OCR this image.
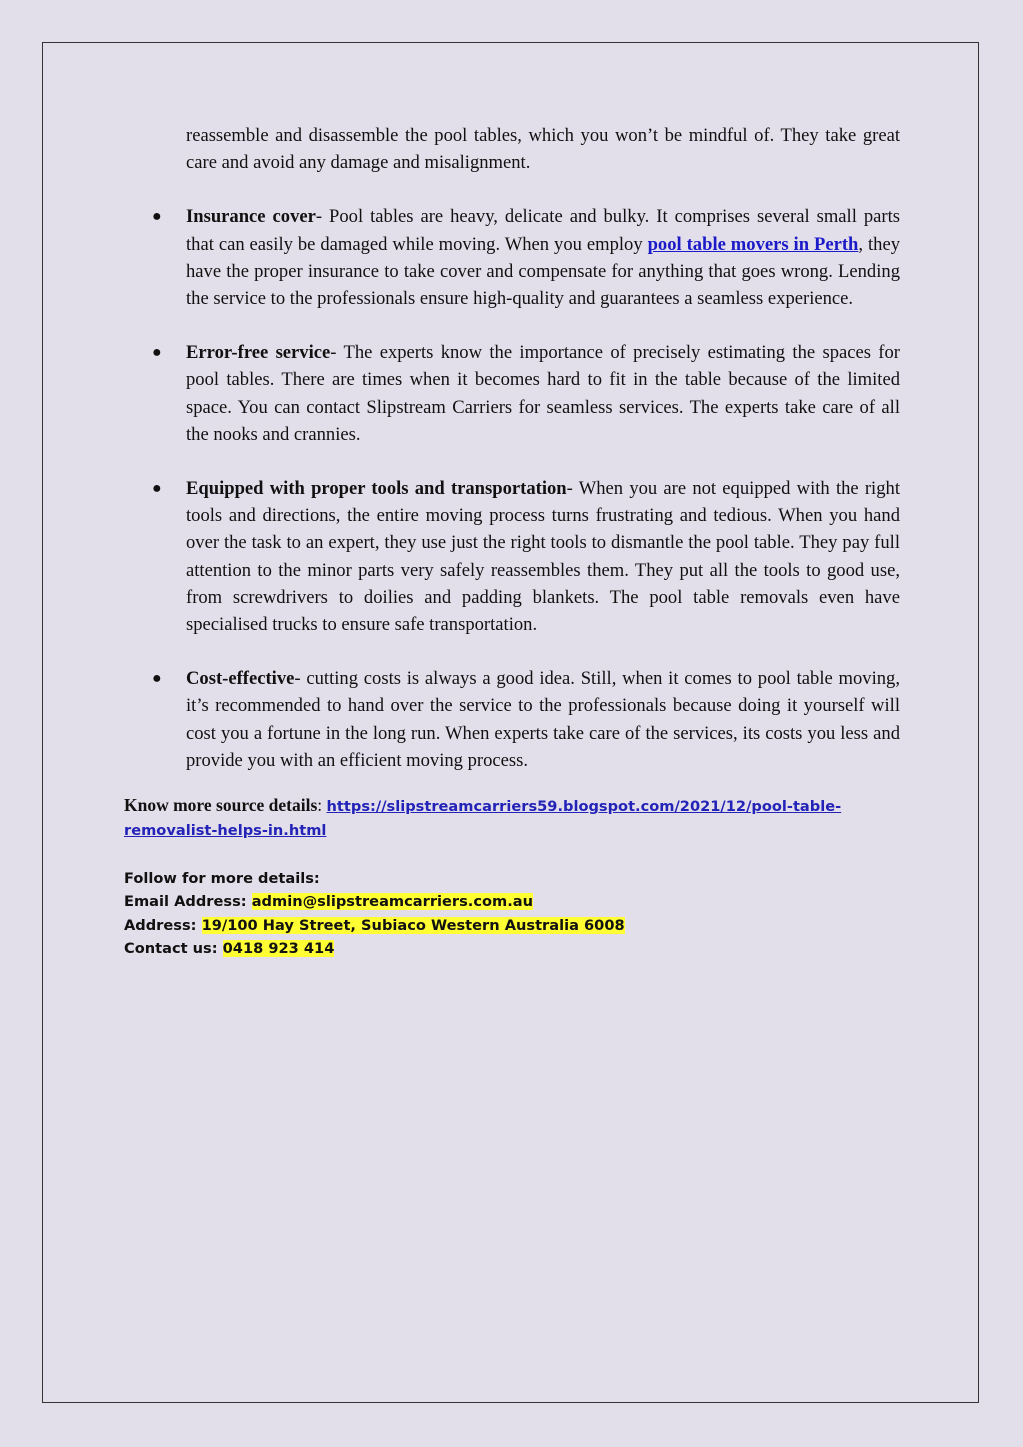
reassemble and disassemble the pool tables, which you won’t be mindful of. They take great care and avoid any damage and misalignment.

● Insurance cover- Pool tables are heavy, delicate and bulky. It comprises several small parts that can easily be damaged while moving. When you employ pool table movers in Perth, they have the proper insurance to take cover and compensate for anything that goes wrong. Lending the service to the professionals ensure high-quality and guarantees a seamless experience.
● Error-free service- The experts know the importance of precisely estimating the spaces for pool tables. There are times when it becomes hard to fit in the table because of the limited space. You can contact Slipstream Carriers for seamless services. The experts take care of all the nooks and crannies.
● Equipped with proper tools and transportation- When you are not equipped with the right tools and directions, the entire moving process turns frustrating and tedious. When you hand over the task to an expert, they use just the right tools to dismantle the pool table. They pay full attention to the minor parts very safely reassembles them. They put all the tools to good use, from screwdrivers to doilies and padding blankets. The pool table removals even have specialised trucks to ensure safe transportation.
● Cost-effective- cutting costs is always a good idea. Still, when it comes to pool table moving, it’s recommended to hand over the service to the professionals because doing it yourself will cost you a fortune in the long run. When experts take care of the services, its costs you less and provide you with an efficient moving process.
Know more source details: https://slipstreamcarriers59.blogspot.com/2021/12/pool-table-removalist-helps-in.html
Follow for more details:
Email Address: admin@slipstreamcarriers.com.au
Address: 19/100 Hay Street, Subiaco Western Australia 6008
Contact us: 0418 923 414
